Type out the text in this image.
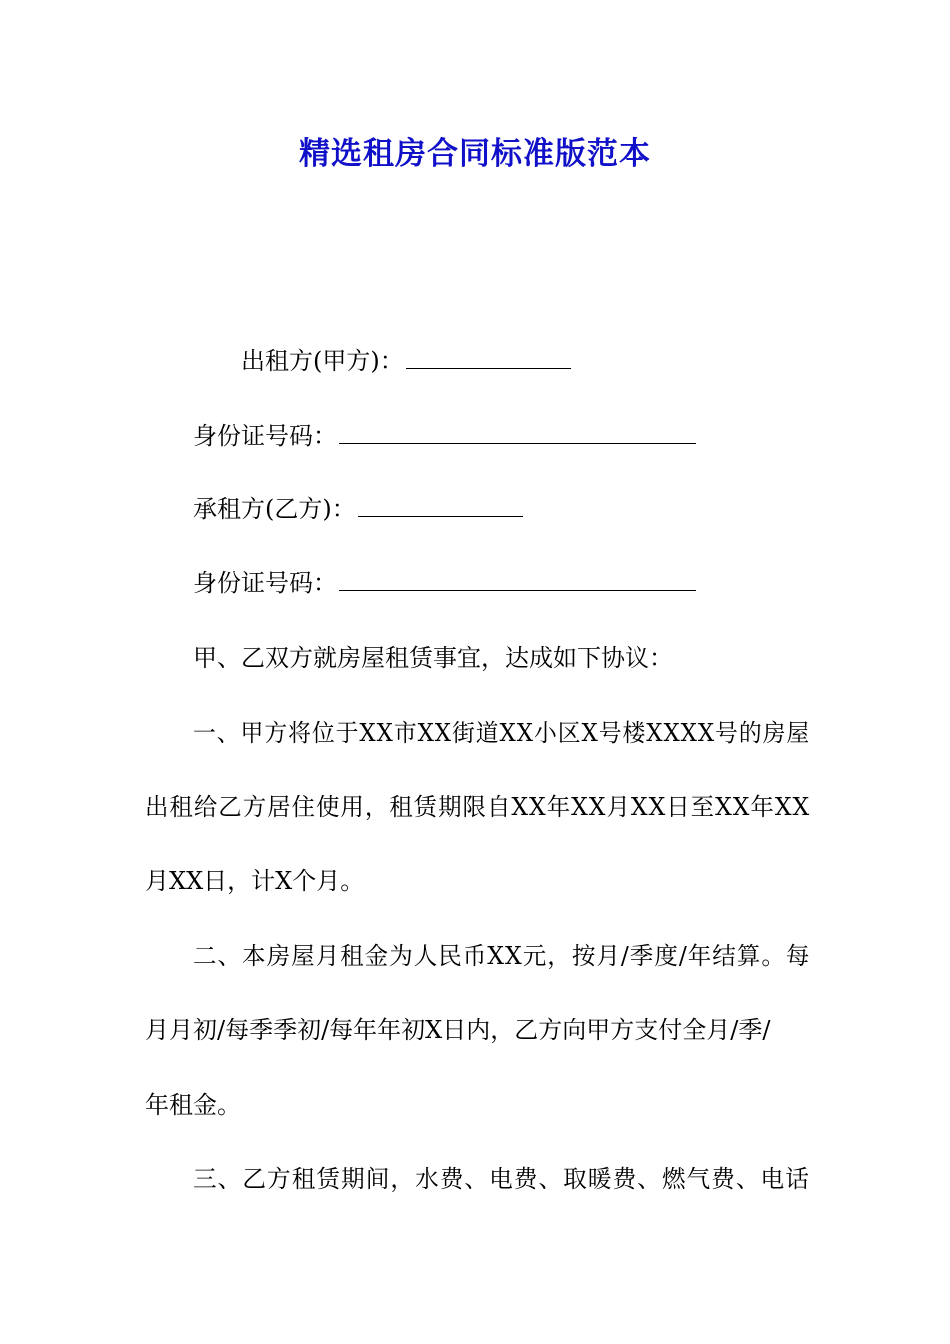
精选租房合同标准版范本
出租方(甲方)：
身份证号码：
承租方(乙方)：
身份证号码：
甲、乙双方就房屋租赁事宜，达成如下协议：
一、甲方将位于XX市XX街道XX小区X号楼XXXX号的房屋
出租给乙方居住使用，租赁期限自XX年XX月XX日至XX年XX
月XX日，计X个月。
二、本房屋月租金为人民币XX元，按月/季度/年结算。每
月月初/每季季初/每年年初X日内，乙方向甲方支付全月/季/
年租金。
三、乙方租赁期间，水费、电费、取暖费、燃气费、电话
